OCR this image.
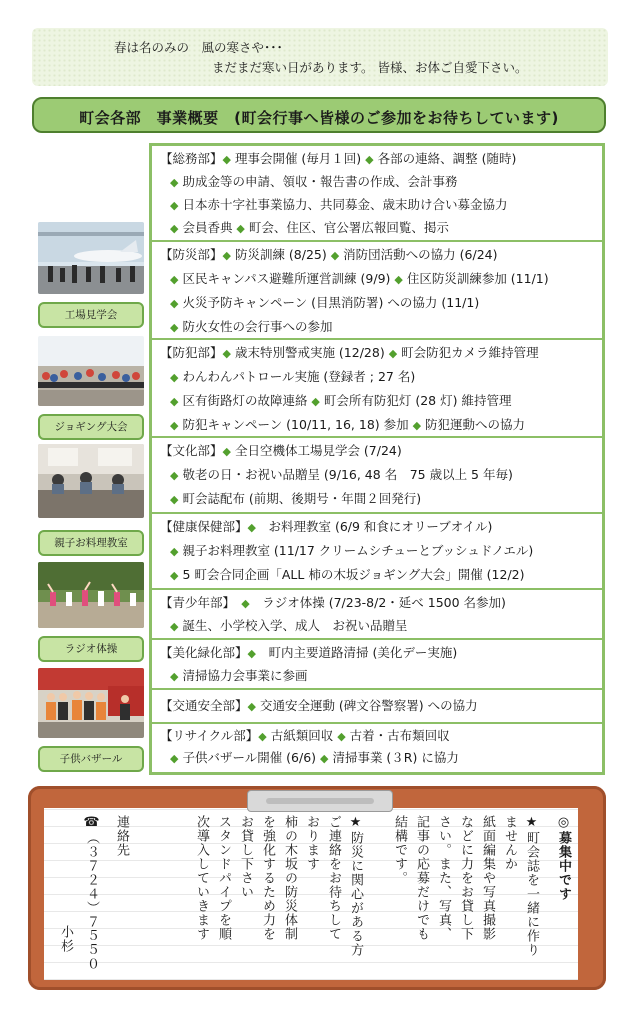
春は名のみの　風の寒さや･･･
まだまだ寒い日があります。 皆様、お体ご自愛下さい。
町会各部　事業概要　(町会行事へ皆様のご参加をお待ちしています)
【総務部】◆ 理事会開催 (毎月１回) ◆ 各部の連絡、調整 (随時)
◆ 助成金等の申請、領収・報告書の作成、会計事務
◆ 日本赤十字社事業協力、共同募金、歳末助け合い募金協力
◆ 会員香典 ◆ 町会、住区、官公署広報回覧、掲示
【防災部】◆ 防災訓練 (8/25) ◆ 消防団活動への協力 (6/24)
◆ 区民キャンパス避難所運営訓練 (9/9) ◆ 住区防災訓練参加 (11/1)
◆ 火災予防キャンペーン (目黒消防署) への協力 (11/1)
◆ 防火女性の会行事への参加
【防犯部】◆ 歳末特別警戒実施 (12/28) ◆ 町会防犯カメラ維持管理
◆ わんわんパトロール実施 (登録者 ; 27 名)
◆ 区有街路灯の故障連絡 ◆ 町会所有防犯灯 (28 灯) 維持管理
◆ 防犯キャンペーン (10/11, 16, 18) 参加 ◆ 防犯運動への協力
【文化部】◆ 全日空機体工場見学会 (7/24)
◆ 敬老の日・お祝い品贈呈 (9/16, 48 名　75 歳以上 5 年毎)
◆ 町会誌配布 (前期、後期号・年間２回発行)
【健康保健部】◆　お料理教室 (6/9 和食にオリーブオイル)
◆ 親子お料理教室 (11/17 クリームシチューとブッシュドノエル)
◆ 5 町会合同企画「ALL 柿の木坂ジョギング大会」開催 (12/2)
【青少年部】　◆　ラジオ体操 (7/23-8/2・延べ 1500 名参加)
◆ 誕生、小学校入学、成人　お祝い品贈呈
【美化緑化部】◆　町内主要道路清掃 (美化デー実施)
◆ 清掃協力会事業に参画
【交通安全部】◆ 交通安全運動 (碑文谷警察署) への協力
【リサイクル部】◆ 古紙類回収 ◆ 古着・古布類回収
◆ 子供バザール開催 (6/6) ◆ 清掃事業 (３R) に協力
工場見学会
ジョギング大会
親子お料理教室
ラジオ体操
子供バザール
◎募集中です
★町会誌を一緒に作り
ませんか
紙面編集や写真撮影
などに力をお貸し下
さい。また、写真、
記事の応募だけでも
結構です。
★防災に関心がある方
ご連絡をお待ちして
おります
柿の木坂の防災体制
を強化するため力を
お貸し下さい
スタンドパイプを順
次導入していきます
連絡先
☎（３７２４）７５５０
小杉
